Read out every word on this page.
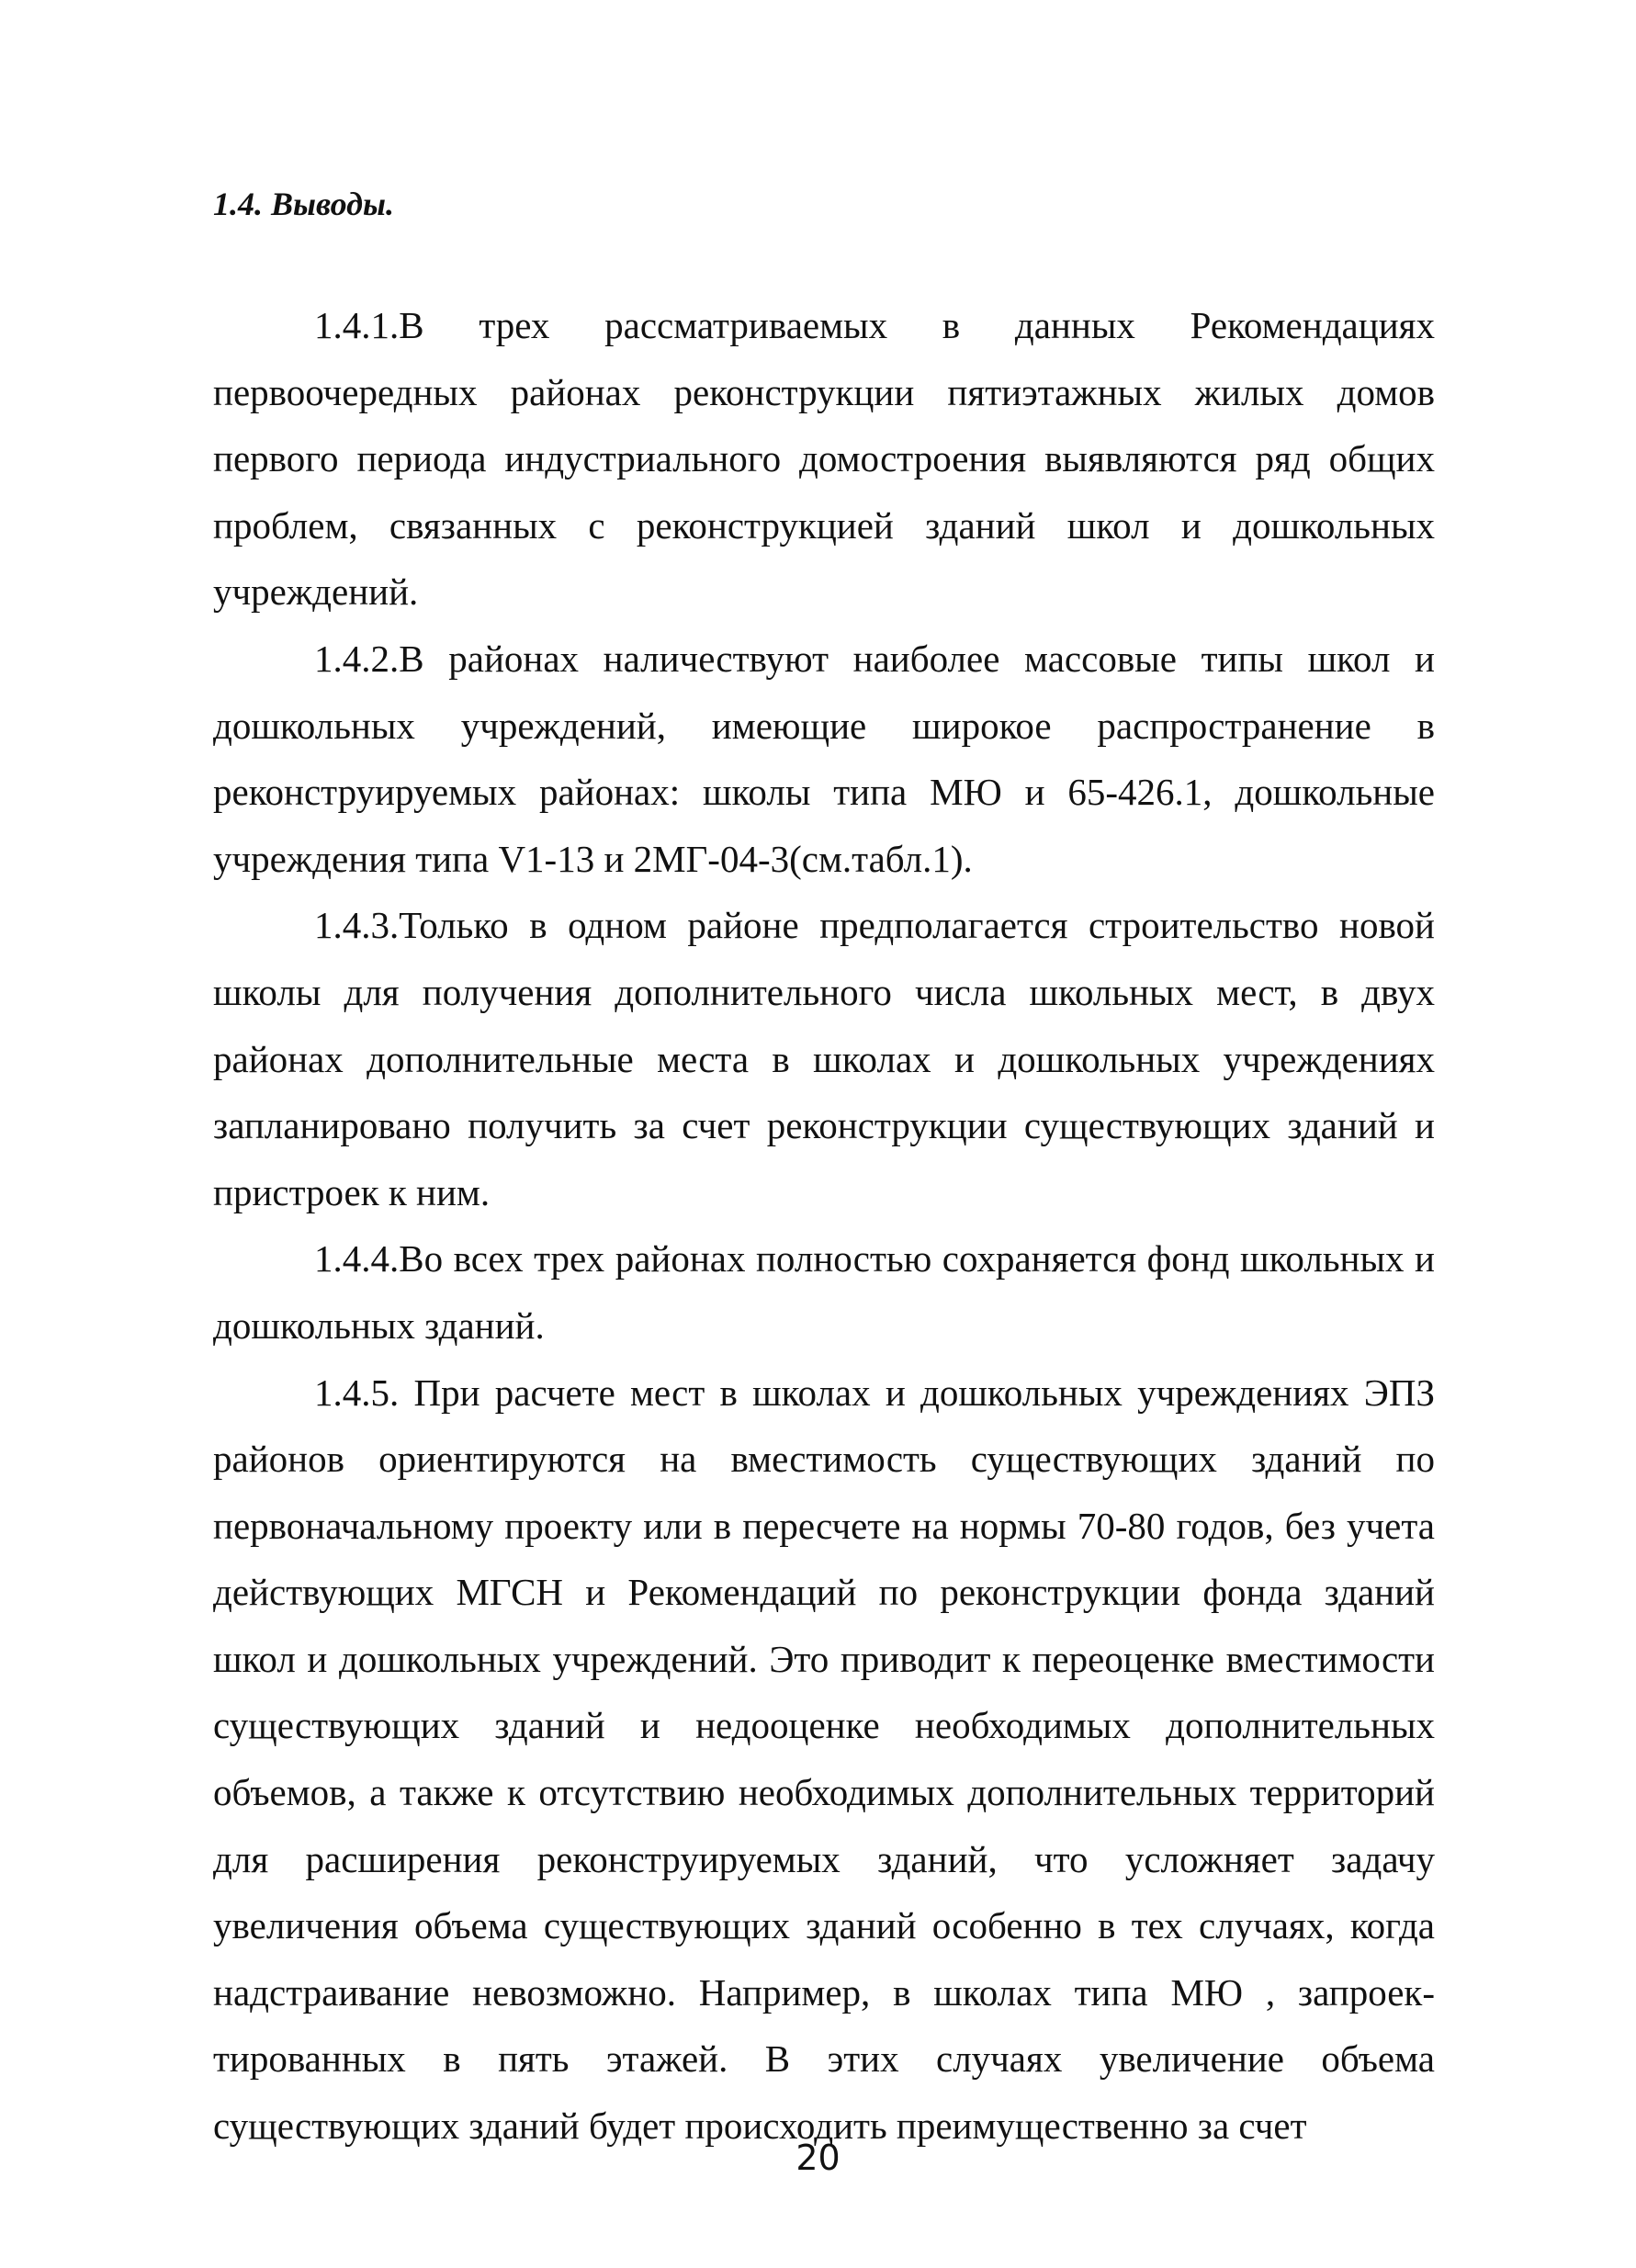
1.4. Выводы.

1.4.1.В трех рассматриваемых в данных Рекомендациях первоочередных районах реконструкции пятиэтажных жилых домов первого периода индустриального домостроения выявляются ряд общих проблем, связанных с реконструкцией зданий школ и дошкольных учреждений.

1.4.2.В районах наличествуют наиболее массовые типы школ и дошкольных учреждений, имеющие широкое распространение в реконструируемых районах: школы типа МЮ и 65-426.1, дошкольные учреждения типа V1-13 и 2МГ-04-3(см.табл.1).

1.4.3.Только в одном районе предполагается строительство новой школы для получения дополнительного числа школьных мест, в двух районах дополнительные места в школах и дошкольных учреждениях запланировано получить за счет реконструкции существующих зданий и пристроек к ним.

1.4.4.Во всех трех районах полностью сохраняется фонд школьных и дошкольных зданий.

1.4.5. При расчете мест в школах и дошкольных учреждениях ЭПЗ районов ориентируются на вместимость существующих зданий по первоначальному проекту или в пересчете на нормы 70-80 годов, без учета действующих МГСН и Рекомендаций по реконструкции фонда зданий школ и дошкольных учреждений. Это приводит к переоценке вместимости существующих зданий и недооценке необходимых дополнительных объемов, а также к отсутствию необходимых дополнительных территорий для расширения реконструируемых зданий, что усложняет задачу увеличения объема существующих зданий особенно в тех случаях, когда надстраивание невозможно. Например, в школах типа МЮ , запроек-тированных в пять этажей. В этих случаях увеличение объема существующих зданий будет происходить преимущественно за счет

20
